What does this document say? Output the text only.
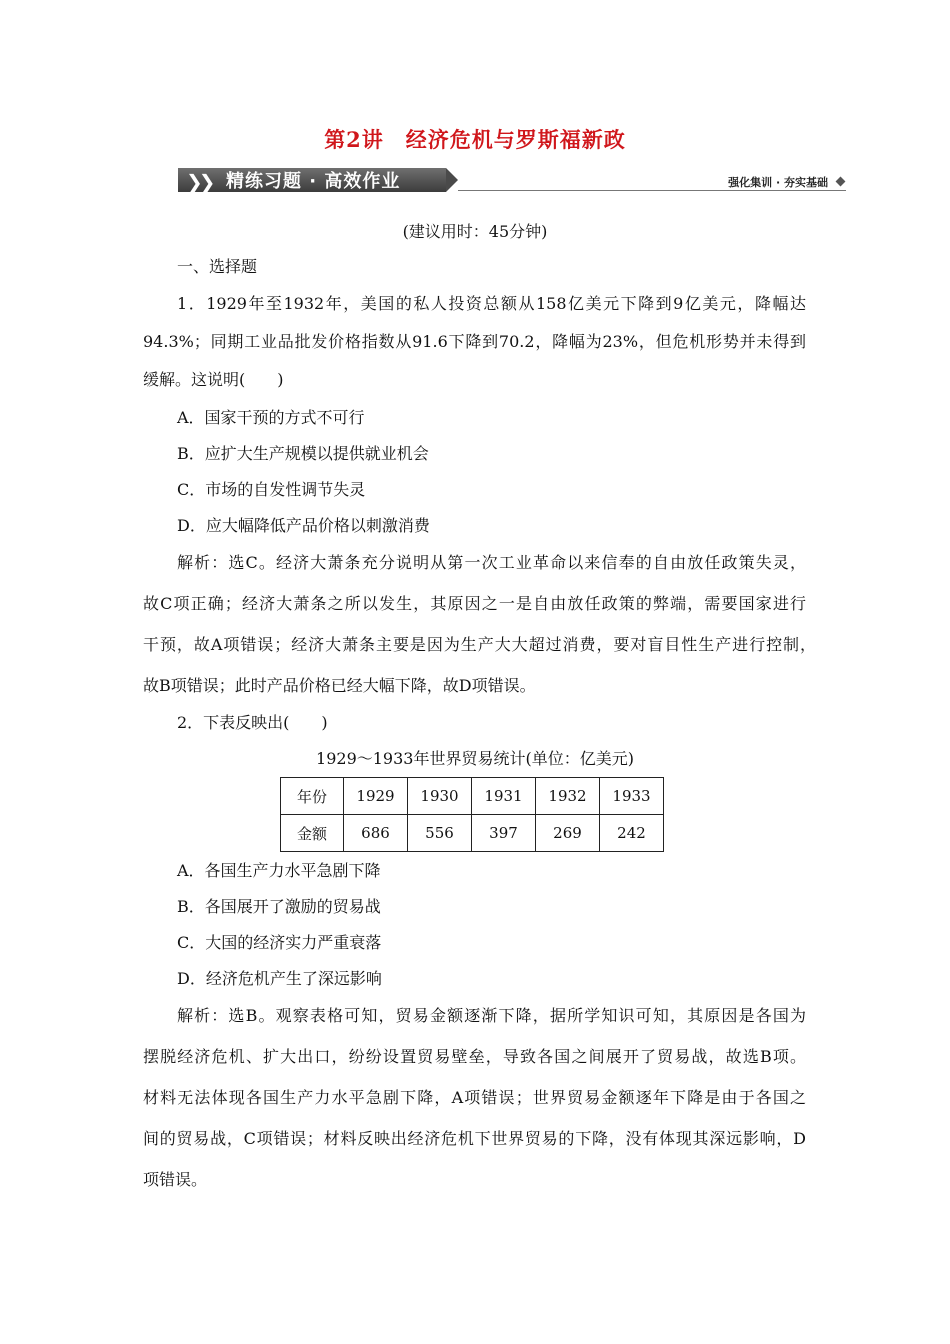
第2讲　经济危机与罗斯福新政
❯❯ 精练习题 · 高效作业	强化集训 · 夯实基础
(建议用时：45分钟)
一、选择题
1．1929年至1932年，美国的私人投资总额从158亿美元下降到9亿美元，降幅达
94.3%；同期工业品批发价格指数从91.6下降到70.2，降幅为23%，但危机形势并未得到
缓解。这说明(　　)
A．国家干预的方式不可行
B．应扩大生产规模以提供就业机会
C．市场的自发性调节失灵
D．应大幅降低产品价格以刺激消费
解析：选C。经济大萧条充分说明从第一次工业革命以来信奉的自由放任政策失灵，
故C项正确；经济大萧条之所以发生，其原因之一是自由放任政策的弊端，需要国家进行
干预，故A项错误；经济大萧条主要是因为生产大大超过消费，要对盲目性生产进行控制，
故B项错误；此时产品价格已经大幅下降，故D项错误。
2．下表反映出(　　)
1929～1933年世界贸易统计(单位：亿美元)
年份	1929	1930	1931	1932	1933
金额	686	556	397	269	242
A．各国生产力水平急剧下降
B．各国展开了激励的贸易战
C．大国的经济实力严重衰落
D．经济危机产生了深远影响
解析：选B。观察表格可知，贸易金额逐渐下降，据所学知识可知，其原因是各国为
摆脱经济危机、扩大出口，纷纷设置贸易壁垒，导致各国之间展开了贸易战，故选B项。
材料无法体现各国生产力水平急剧下降，A项错误；世界贸易金额逐年下降是由于各国之
间的贸易战，C项错误；材料反映出经济危机下世界贸易的下降，没有体现其深远影响，D
项错误。
